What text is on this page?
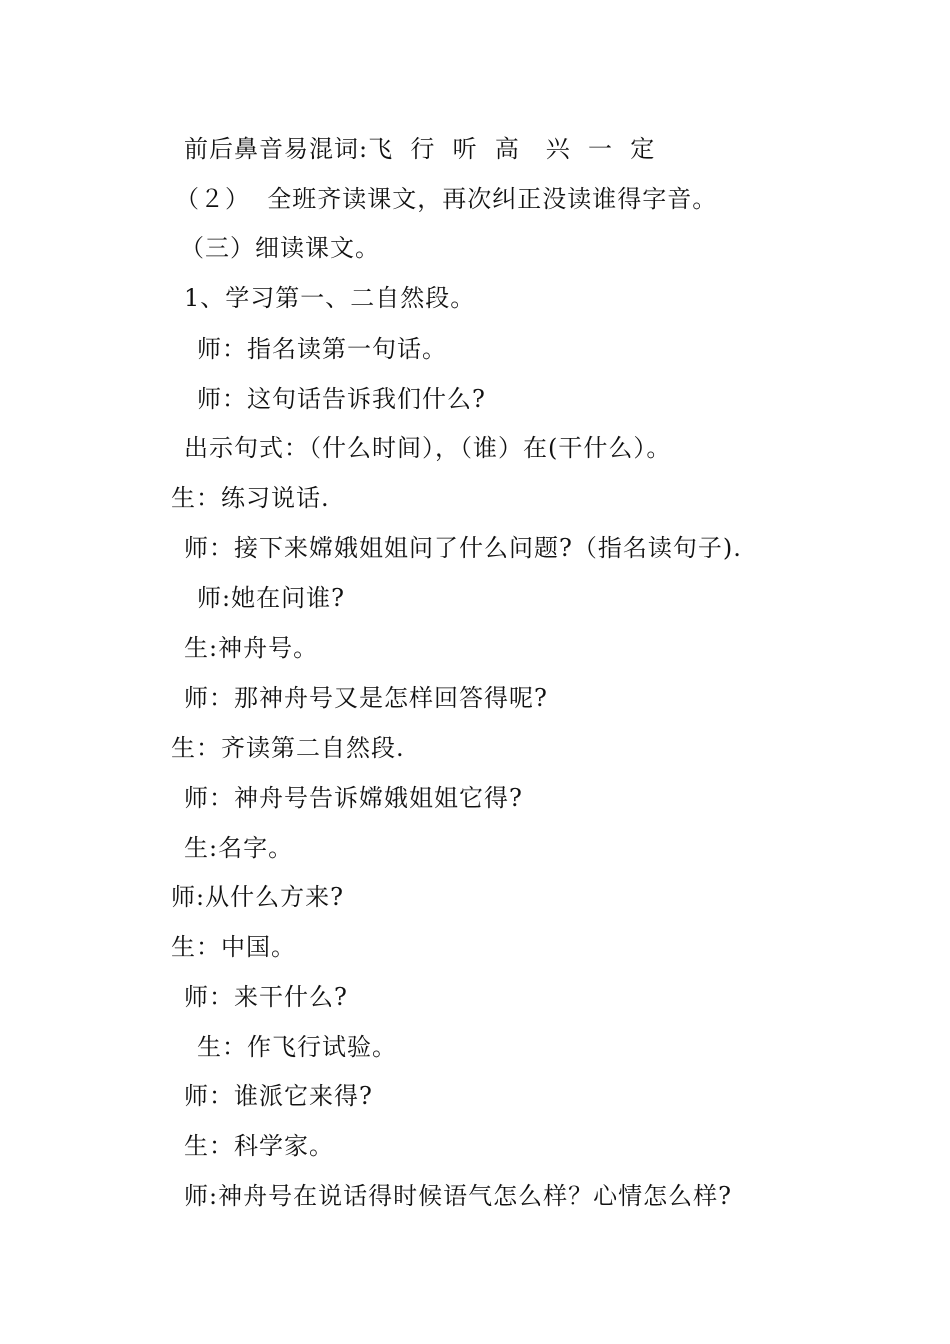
前后鼻音易混词:飞  行  听  高   兴  一  定
（２）  全班齐读课文，再次纠正没读谁得字音。
（三）细读课文。
1、学习第一、二自然段。
师：指名读第一句话。
师：这句话告诉我们什么?
出示句式：（什么时间），（谁）在(干什么）。
生：练习说话.
师：接下来嫦娥姐姐问了什么问题?（指名读句子).
师:她在问谁?
生:神舟号。
师：那神舟号又是怎样回答得呢?
生：齐读第二自然段.
师：神舟号告诉嫦娥姐姐它得?
生:名字。
师:从什么方来?
生：中国。
师：来干什么?
生：作飞行试验。
师：谁派它来得?
生：科学家。
师:神舟号在说话得时候语气怎么样？心情怎么样?
